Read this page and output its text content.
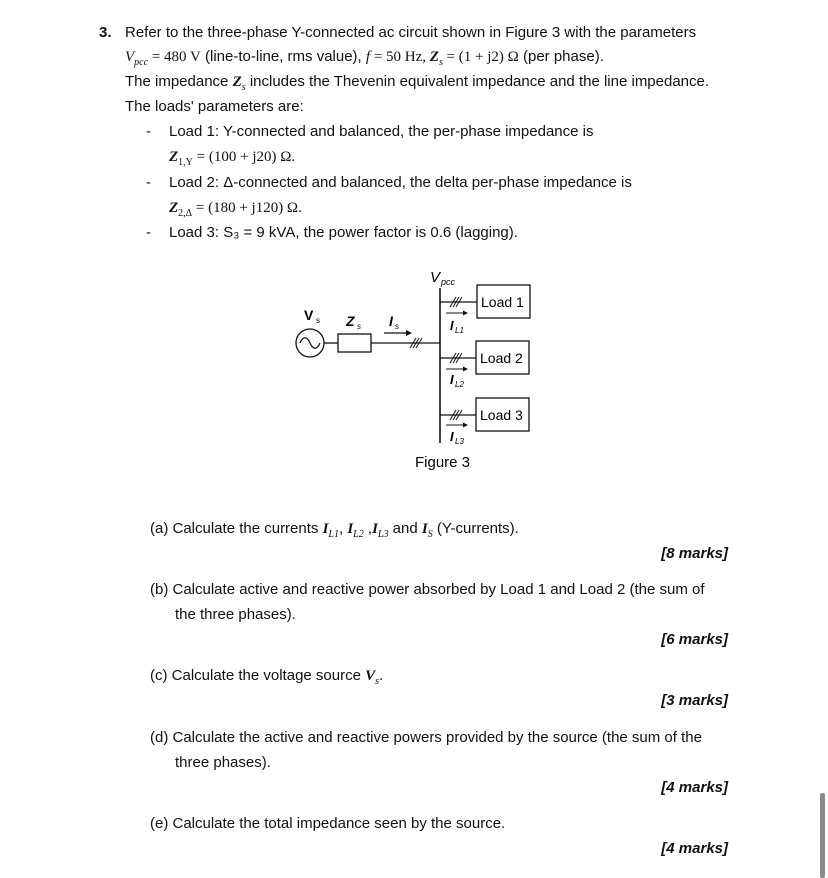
3. Refer to the three-phase Y-connected ac circuit shown in Figure 3 with the parameters
$V_{pcc} = 480$ V (line-to-line, rms value), f = 50 Hz, $Z_s = (1 + j2)$ Ω (per phase).
The impedance $Z_s$ includes the Thevenin equivalent impedance and the line impedance.
The loads' parameters are:
- Load 1: Y-connected and balanced, the per-phase impedance is
$Z_{1,Y} = (100 + j20)$ Ω.
- Load 2: Δ-connected and balanced, the delta per-phase impedance is
$Z_{2,\Delta} = (180 + j120)$ Ω.
- Load 3: S₃ = 9 kVA, the power factor is 0.6 (lagging).
V pcc
V s Z s I s	I L1
Load 1
I L2
Load 2
I L3
Load 3
Figure 3
(a) Calculate the currents $I_{L1}$, $I_{L2}$ $,I_{L3}$ and $I_S$ (Y-currents).
[8 marks]
(b) Calculate active and reactive power absorbed by Load 1 and Load 2 (the sum of
the three phases).
[6 marks]
(c) Calculate the voltage source $V_s$.
[3 marks]
(d) Calculate the active and reactive powers provided by the source (the sum of the
three phases).
[4 marks]
(e) Calculate the total impedance seen by the source.
[4 marks]
